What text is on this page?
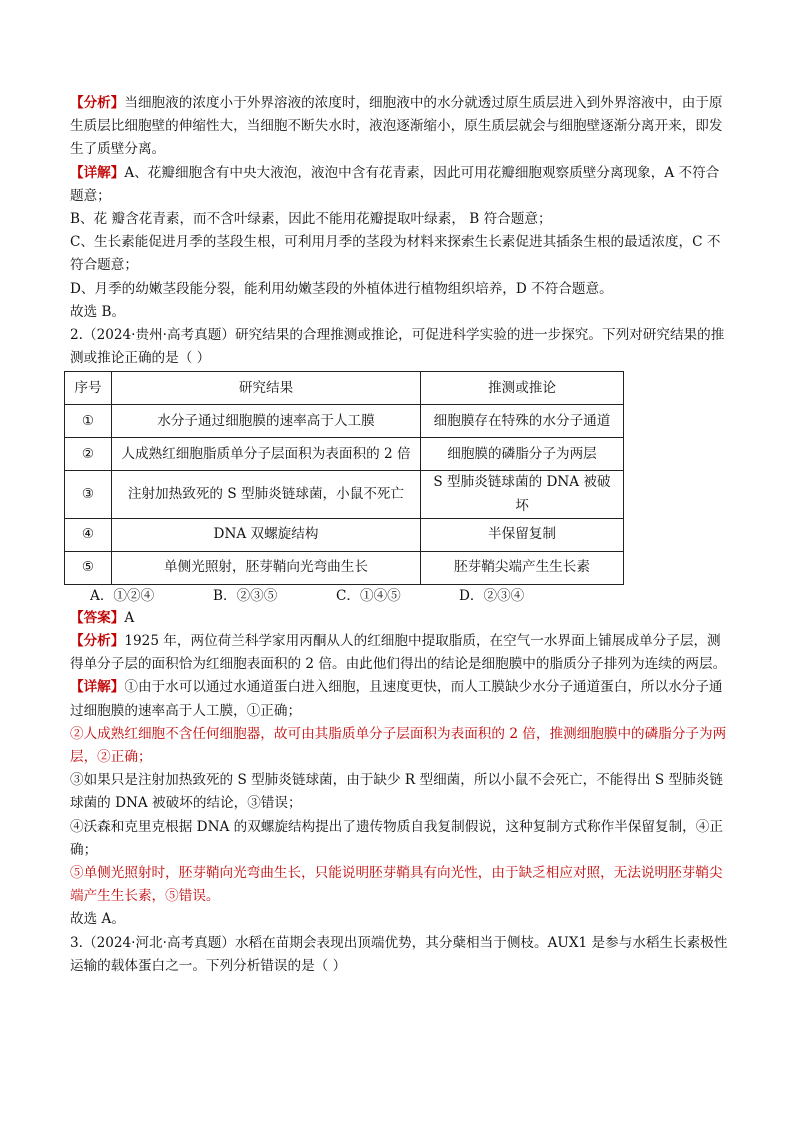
【分析】当细胞液的浓度小于外界溶液的浓度时，细胞液中的水分就透过原生质层进入到外界溶液中，由于原生质层比细胞壁的伸缩性大，当细胞不断失水时，液泡逐渐缩小，原生质层就会与细胞壁逐渐分离开来，即发生了质壁分离。

【详解】A、花瓣细胞含有中央大液泡，液泡中含有花青素，因此可用花瓣细胞观察质壁分离现象，A 不符合题意；

B、花 瓣含花青素，而不含叶绿素，因此不能用花瓣提取叶绿素， B 符合题意；

C、生长素能促进月季的茎段生根，可利用月季的茎段为材料来探索生长素促进其插条生根的最适浓度，C 不符合题意；

D、月季的幼嫩茎段能分裂，能利用幼嫩茎段的外植体进行植物组织培养，D 不符合题意。

故选 B。

2.（2024·贵州·高考真题）研究结果的合理推测或推论，可促进科学实验的进一步探究。下列对研究结果的推测或推论正确的是（ ）

序号	研究结果	推测或推论
①	水分子通过细胞膜的速率高于人工膜	细胞膜存在特殊的水分子通道
②	人成熟红细胞脂质单分子层面积为表面积的 2 倍	细胞膜的磷脂分子为两层
③	注射加热致死的 S 型肺炎链球菌，小鼠不死亡	S 型肺炎链球菌的 DNA 被破坏
④	DNA 双螺旋结构	半保留复制
⑤	单侧光照射，胚芽鞘向光弯曲生长	胚芽鞘尖端产生生长素
A．①②④	B．②③⑤	C．①④⑤	D．②③④

【答案】A

【分析】1925 年，两位荷兰科学家用丙酮从人的红细胞中提取脂质，在空气一水界面上铺展成单分子层，测得单分子层的面积恰为红细胞表面积的 2 倍。由此他们得出的结论是细胞膜中的脂质分子排列为连续的两层。

【详解】①由于水可以通过水通道蛋白进入细胞，且速度更快，而人工膜缺少水分子通道蛋白，所以水分子通过细胞膜的速率高于人工膜，①正确；

②人成熟红细胞不含任何细胞器，故可由其脂质单分子层面积为表面积的 2 倍，推测细胞膜中的磷脂分子为两层，②正确；

③如果只是注射加热致死的 S 型肺炎链球菌，由于缺少 R 型细菌，所以小鼠不会死亡，不能得出 S 型肺炎链球菌的 DNA 被破坏的结论，③错误；

④沃森和克里克根据 DNA 的双螺旋结构提出了遗传物质自我复制假说，这种复制方式称作半保留复制，④正确；

⑤单侧光照射时，胚芽鞘向光弯曲生长，只能说明胚芽鞘具有向光性，由于缺乏相应对照，无法说明胚芽鞘尖端产生生长素，⑤错误。

故选 A。

3.（2024·河北·高考真题）水稻在苗期会表现出顶端优势，其分蘖相当于侧枝。AUX1 是参与水稻生长素极性运输的载体蛋白之一。下列分析错误的是（ ）
